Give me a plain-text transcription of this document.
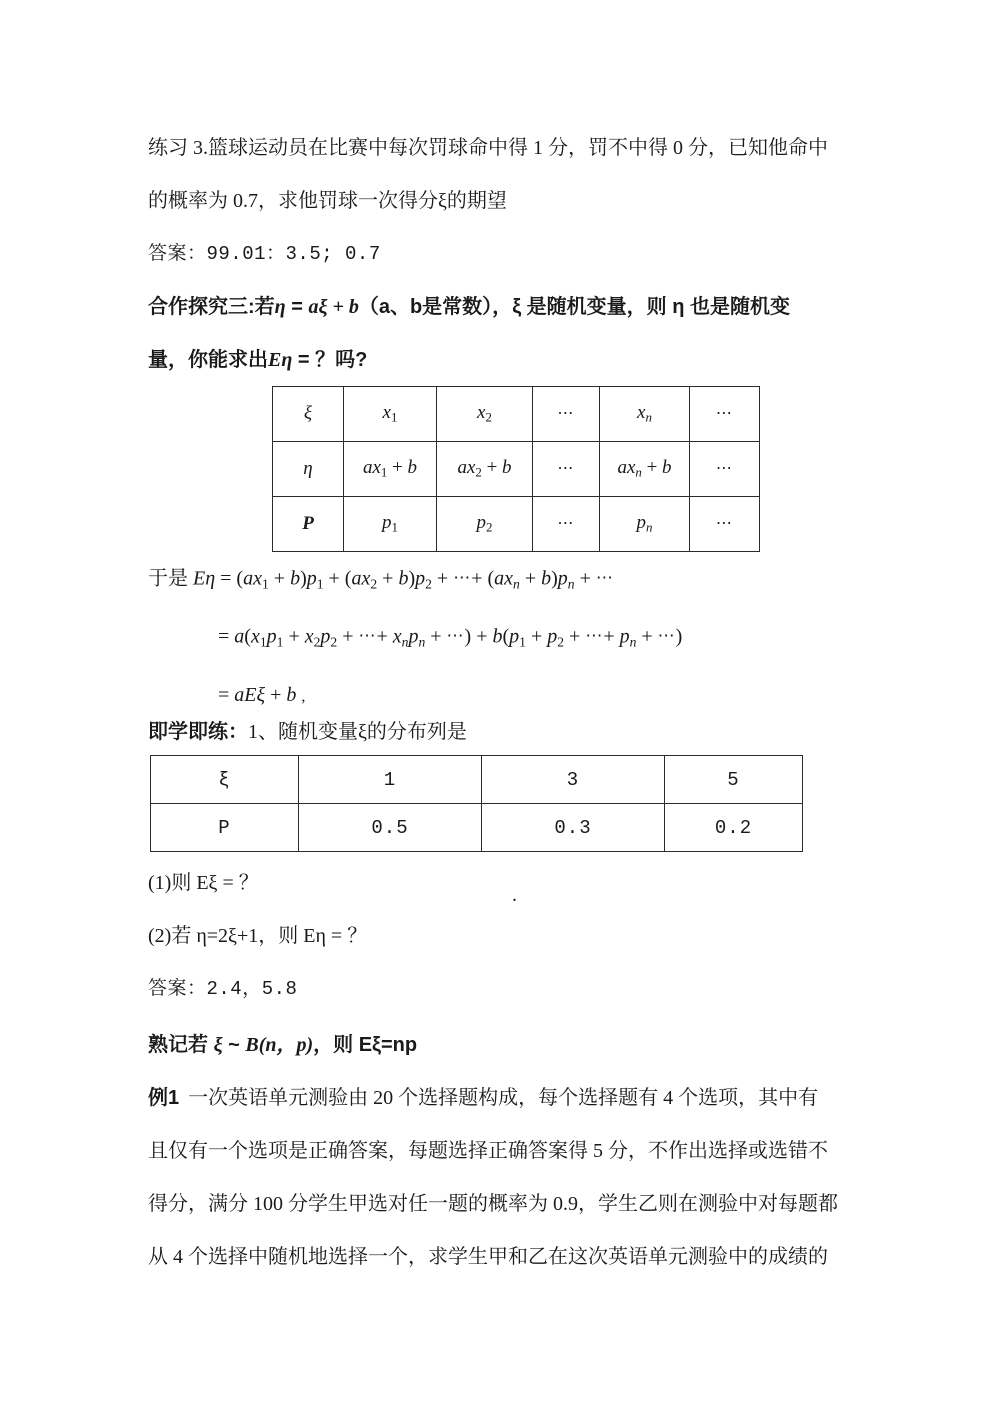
练习 3.篮球运动员在比赛中每次罚球命中得 1 分，罚不中得 0 分，已知他命中
的概率为 0.7，求他罚球一次得分ξ的期望
答案：99.01：3.5; 0.7
合作探究三:若η = aξ + b（a、b是常数），ξ 是随机变量，则 η 也是随机变
量，你能求出Eη = ？吗?
ξ	$x_1$	$x_2$	⋯	$x_n$	⋯
η	$ax_1 + b$	$ax_2 + b$	⋯	$ax_n + b$	⋯
P	$p_1$	$p_2$	⋯	$p_n$	⋯
于是 $E\eta = (ax_1 + b)p_1 + (ax_2 + b)p_2$ + ⋯+ $(ax_n + b)p_n$ + ⋯
= $a(x_1p_1 + x_2p_2$ + ⋯+ $x_np_n$ + ⋯) + $b(p_1 + p_2$ + ⋯+ $p_n$ + ⋯)
= aEξ + b ,
即学即练：1、随机变量ξ的分布列是
ξ	1	3	5
P	0.5	0.3	0.2
(1)则 Eξ = ？
(2)若 η=2ξ+1，则 Eη = ？
答案：2.4，5.8
.
熟记若 ξ ~ B(n，p)，则 Eξ=np
例1 一次英语单元测验由 20 个选择题构成，每个选择题有 4 个选项，其中有
且仅有一个选项是正确答案，每题选择正确答案得 5 分，不作出选择或选错不
得分，满分 100 分学生甲选对任一题的概率为 0.9，学生乙则在测验中对每题都
从 4 个选择中随机地选择一个，求学生甲和乙在这次英语单元测验中的成绩的
